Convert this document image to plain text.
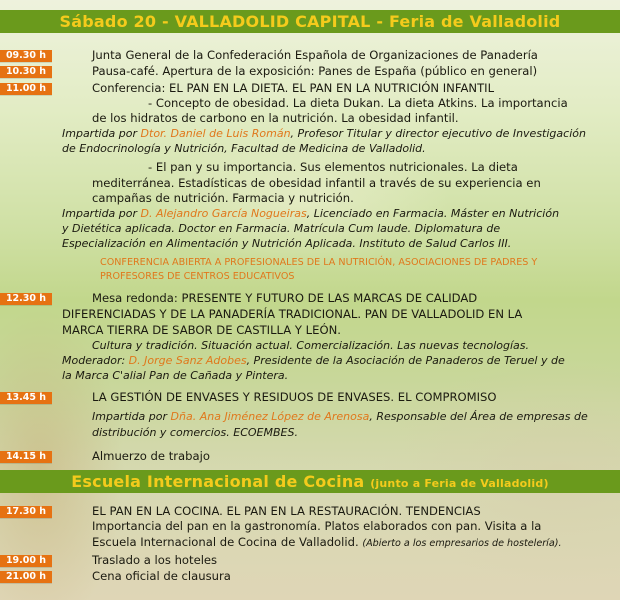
Sábado 20 - VALLADOLID CAPITAL - Feria de Valladolid
09.30 h	Junta General de la Confederación Española de Organizaciones de Panadería
10.30 h	Pausa-café. Apertura de la exposición: Panes de España (público en general)
11.00 h	Conferencia: EL PAN EN LA DIETA. EL PAN EN LA NUTRICIÓN INFANTIL
- Concepto de obesidad. La dieta Dukan. La dieta Atkins. La importancia
de los hidratos de carbono en la nutrición. La obesidad infantil.
Impartida por Dtor. Daniel de Luis Román, Profesor Titular y director ejecutivo de Investigación
de Endocrinología y Nutrición, Facultad de Medicina de Valladolid.
- El pan y su importancia. Sus elementos nutricionales. La dieta
mediterránea. Estadísticas de obesidad infantil a través de su experiencia en
campañas de nutrición. Farmacia y nutrición.
Impartida por D. Alejandro García Nogueiras, Licenciado en Farmacia. Máster en Nutrición
y Dietética aplicada. Doctor en Farmacia. Matrícula Cum laude. Diplomatura de
Especialización en Alimentación y Nutrición Aplicada. Instituto de Salud Carlos III.
CONFERENCIA ABIERTA A PROFESIONALES DE LA NUTRICIÓN, ASOCIACIONES DE PADRES Y
PROFESORES DE CENTROS EDUCATIVOS
12.30 h	Mesa redonda: PRESENTE Y FUTURO DE LAS MARCAS DE CALIDAD
DIFERENCIADAS Y DE LA PANADERÍA TRADICIONAL. PAN DE VALLADOLID EN LA
MARCA TIERRA DE SABOR DE CASTILLA Y LEÓN.
Cultura y tradición. Situación actual. Comercialización. Las nuevas tecnologías.
Moderador: D. Jorge Sanz Adobes, Presidente de la Asociación de Panaderos de Teruel y de
la Marca C'alial Pan de Cañada y Pintera.
13.45 h	LA GESTIÓN DE ENVASES Y RESIDUOS DE ENVASES. EL COMPROMISO
Impartida por Dña. Ana Jiménez López de Arenosa, Responsable del Área de empresas de
distribución y comercios. ECOEMBES.
14.15 h	Almuerzo de trabajo
Escuela Internacional de Cocina (junto a Feria de Valladolid)
17.30 h	EL PAN EN LA COCINA. EL PAN EN LA RESTAURACIÓN. TENDENCIAS
Importancia del pan en la gastronomía. Platos elaborados con pan. Visita a la
Escuela Internacional de Cocina de Valladolid. (Abierto a los empresarios de hostelería).
19.00 h	Traslado a los hoteles
21.00 h	Cena oficial de clausura
